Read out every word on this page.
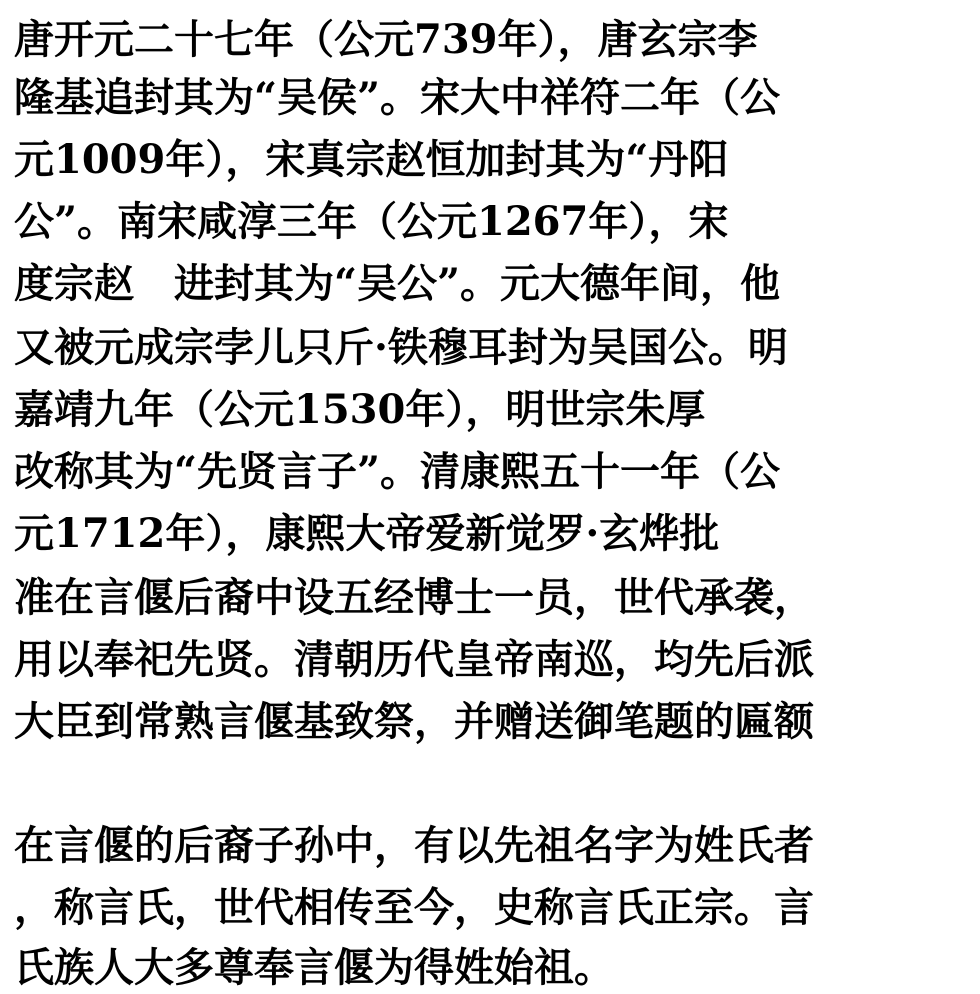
唐开元二十七年（公元739年），唐玄宗李
隆基追封其为“吴侯”。宋大中祥符二年（公
元1009年），宋真宗赵恒加封其为“丹阳
公”。南宋咸淳三年（公元1267年），宋
度宗赵　进封其为“吴公”。元大德年间，他
又被元成宗孛儿只斤·铁穆耳封为吴国公。明
嘉靖九年（公元1530年），明世宗朱厚
改称其为“先贤言子”。清康熙五十一年（公
元1712年），康熙大帝爱新觉罗·玄烨批
准在言偃后裔中设五经博士一员，世代承袭，
用以奉祀先贤。清朝历代皇帝南巡，均先后派
大臣到常熟言偃基致祭，并赠送御笔题的匾额
在言偃的后裔子孙中，有以先祖名字为姓氏者
，称言氏，世代相传至今，史称言氏正宗。言
氏族人大多尊奉言偃为得姓始祖。
